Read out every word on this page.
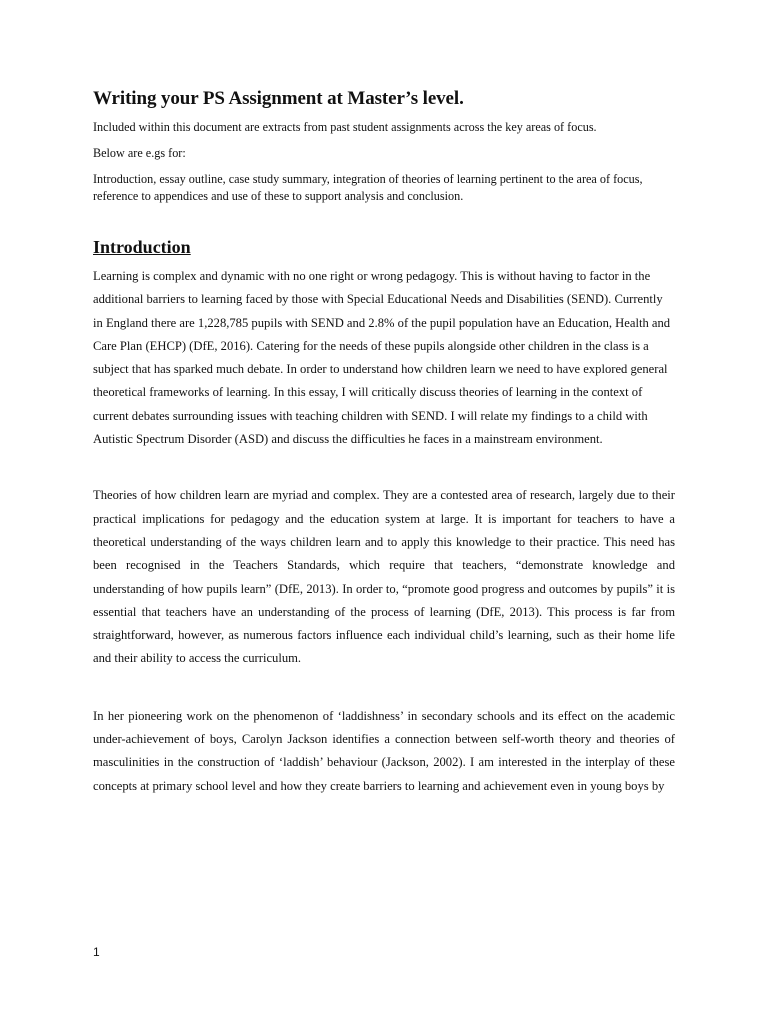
Writing your PS Assignment at Master’s level.

Included within this document are extracts from past student assignments across the key areas of focus.

Below are e.gs for:

Introduction, essay outline, case study summary, integration of theories of learning pertinent to the area of focus, reference to appendices and use of these to support analysis and conclusion.

Introduction

Learning is complex and dynamic with no one right or wrong pedagogy. This is without having to factor in the additional barriers to learning faced by those with Special Educational Needs and Disabilities (SEND). Currently in England there are 1,228,785 pupils with SEND and 2.8% of the pupil population have an Education, Health and Care Plan (EHCP) (DfE, 2016). Catering for the needs of these pupils alongside other children in the class is a subject that has sparked much debate. In order to understand how children learn we need to have explored general theoretical frameworks of learning. In this essay, I will critically discuss theories of learning in the context of current debates surrounding issues with teaching children with SEND. I will relate my findings to a child with Autistic Spectrum Disorder (ASD) and discuss the difficulties he faces in a mainstream environment.

Theories of how children learn are myriad and complex. They are a contested area of research, largely due to their practical implications for pedagogy and the education system at large. It is important for teachers to have a theoretical understanding of the ways children learn and to apply this knowledge to their practice. This need has been recognised in the Teachers Standards, which require that teachers, “demonstrate knowledge and understanding of how pupils learn” (DfE, 2013). In order to, “promote good progress and outcomes by pupils” it is essential that teachers have an understanding of the process of learning (DfE, 2013). This process is far from straightforward, however, as numerous factors influence each individual child’s learning, such as their home life and their ability to access the curriculum.

In her pioneering work on the phenomenon of ‘laddishness’ in secondary schools and its effect on the academic under-achievement of boys, Carolyn Jackson identifies a connection between self-worth theory and theories of masculinities in the construction of ‘laddish’ behaviour (Jackson, 2002). I am interested in the interplay of these concepts at primary school level and how they create barriers to learning and achievement even in young boys by

1
